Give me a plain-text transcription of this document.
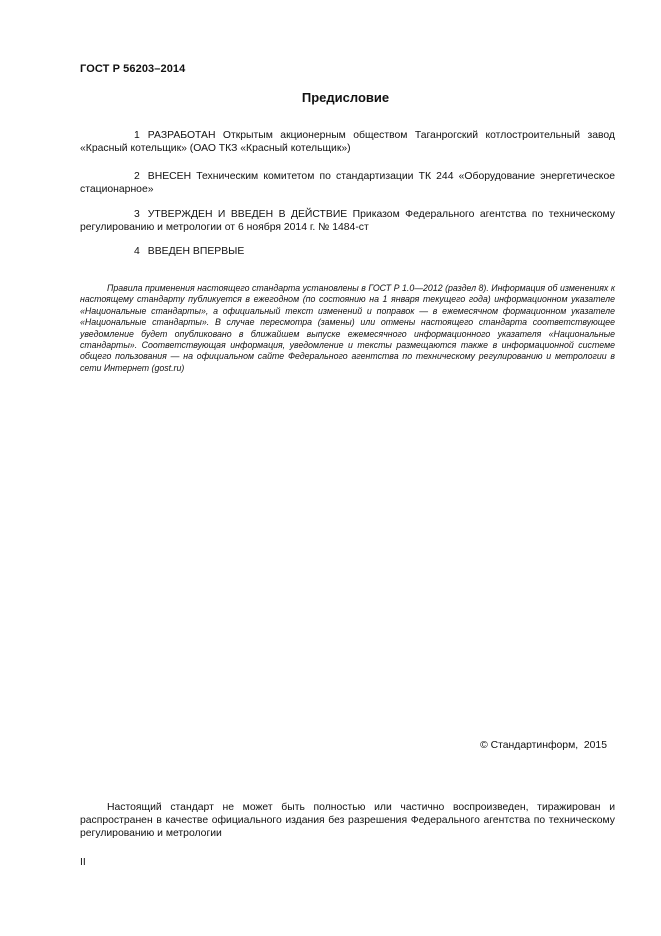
ГОСТ Р 56203–2014
Предисловие
1 РАЗРАБОТАН Открытым акционерным обществом Таганрогский котлостроительный завод «Красный котельщик» (ОАО ТКЗ «Красный котельщик»)
2 ВНЕСЕН Техническим комитетом по стандартизации ТК 244 «Оборудование энергетическое стационарное»
3 УТВЕРЖДЕН И ВВЕДЕН В ДЕЙСТВИЕ Приказом Федерального агентства по техническому регулированию и метрологии от 6 ноября 2014 г. № 1484-ст
4 ВВЕДЕН ВПЕРВЫЕ
Правила применения настоящего стандарта установлены в ГОСТ Р 1.0—2012 (раздел 8). Информация об изменениях к настоящему стандарту публикуется в ежегодном (по состоянию на 1 января текущего года) информационном указателе «Национальные стандарты», а официальный текст изменений и поправок — в ежемесячном формационном указателе «Национальные стандарты». В случае пересмотра (замены) или отмены настоящего стандарта соответствующее уведомление будет опубликовано в ближайшем выпуске ежемесячного информационного указателя «Национальные стандарты». Соответствующая информация, уведомление и тексты размещаются также в информационной системе общего пользования — на официальном сайте Федерального агентства по техническому регулированию и метрологии в сети Интернет (gost.ru)
© Стандартинформ,  2015
Настоящий стандарт не может быть полностью или частично воспроизведен, тиражирован и распространен в качестве официального издания без разрешения Федерального агентства по техническому регулированию и метрологии
II
